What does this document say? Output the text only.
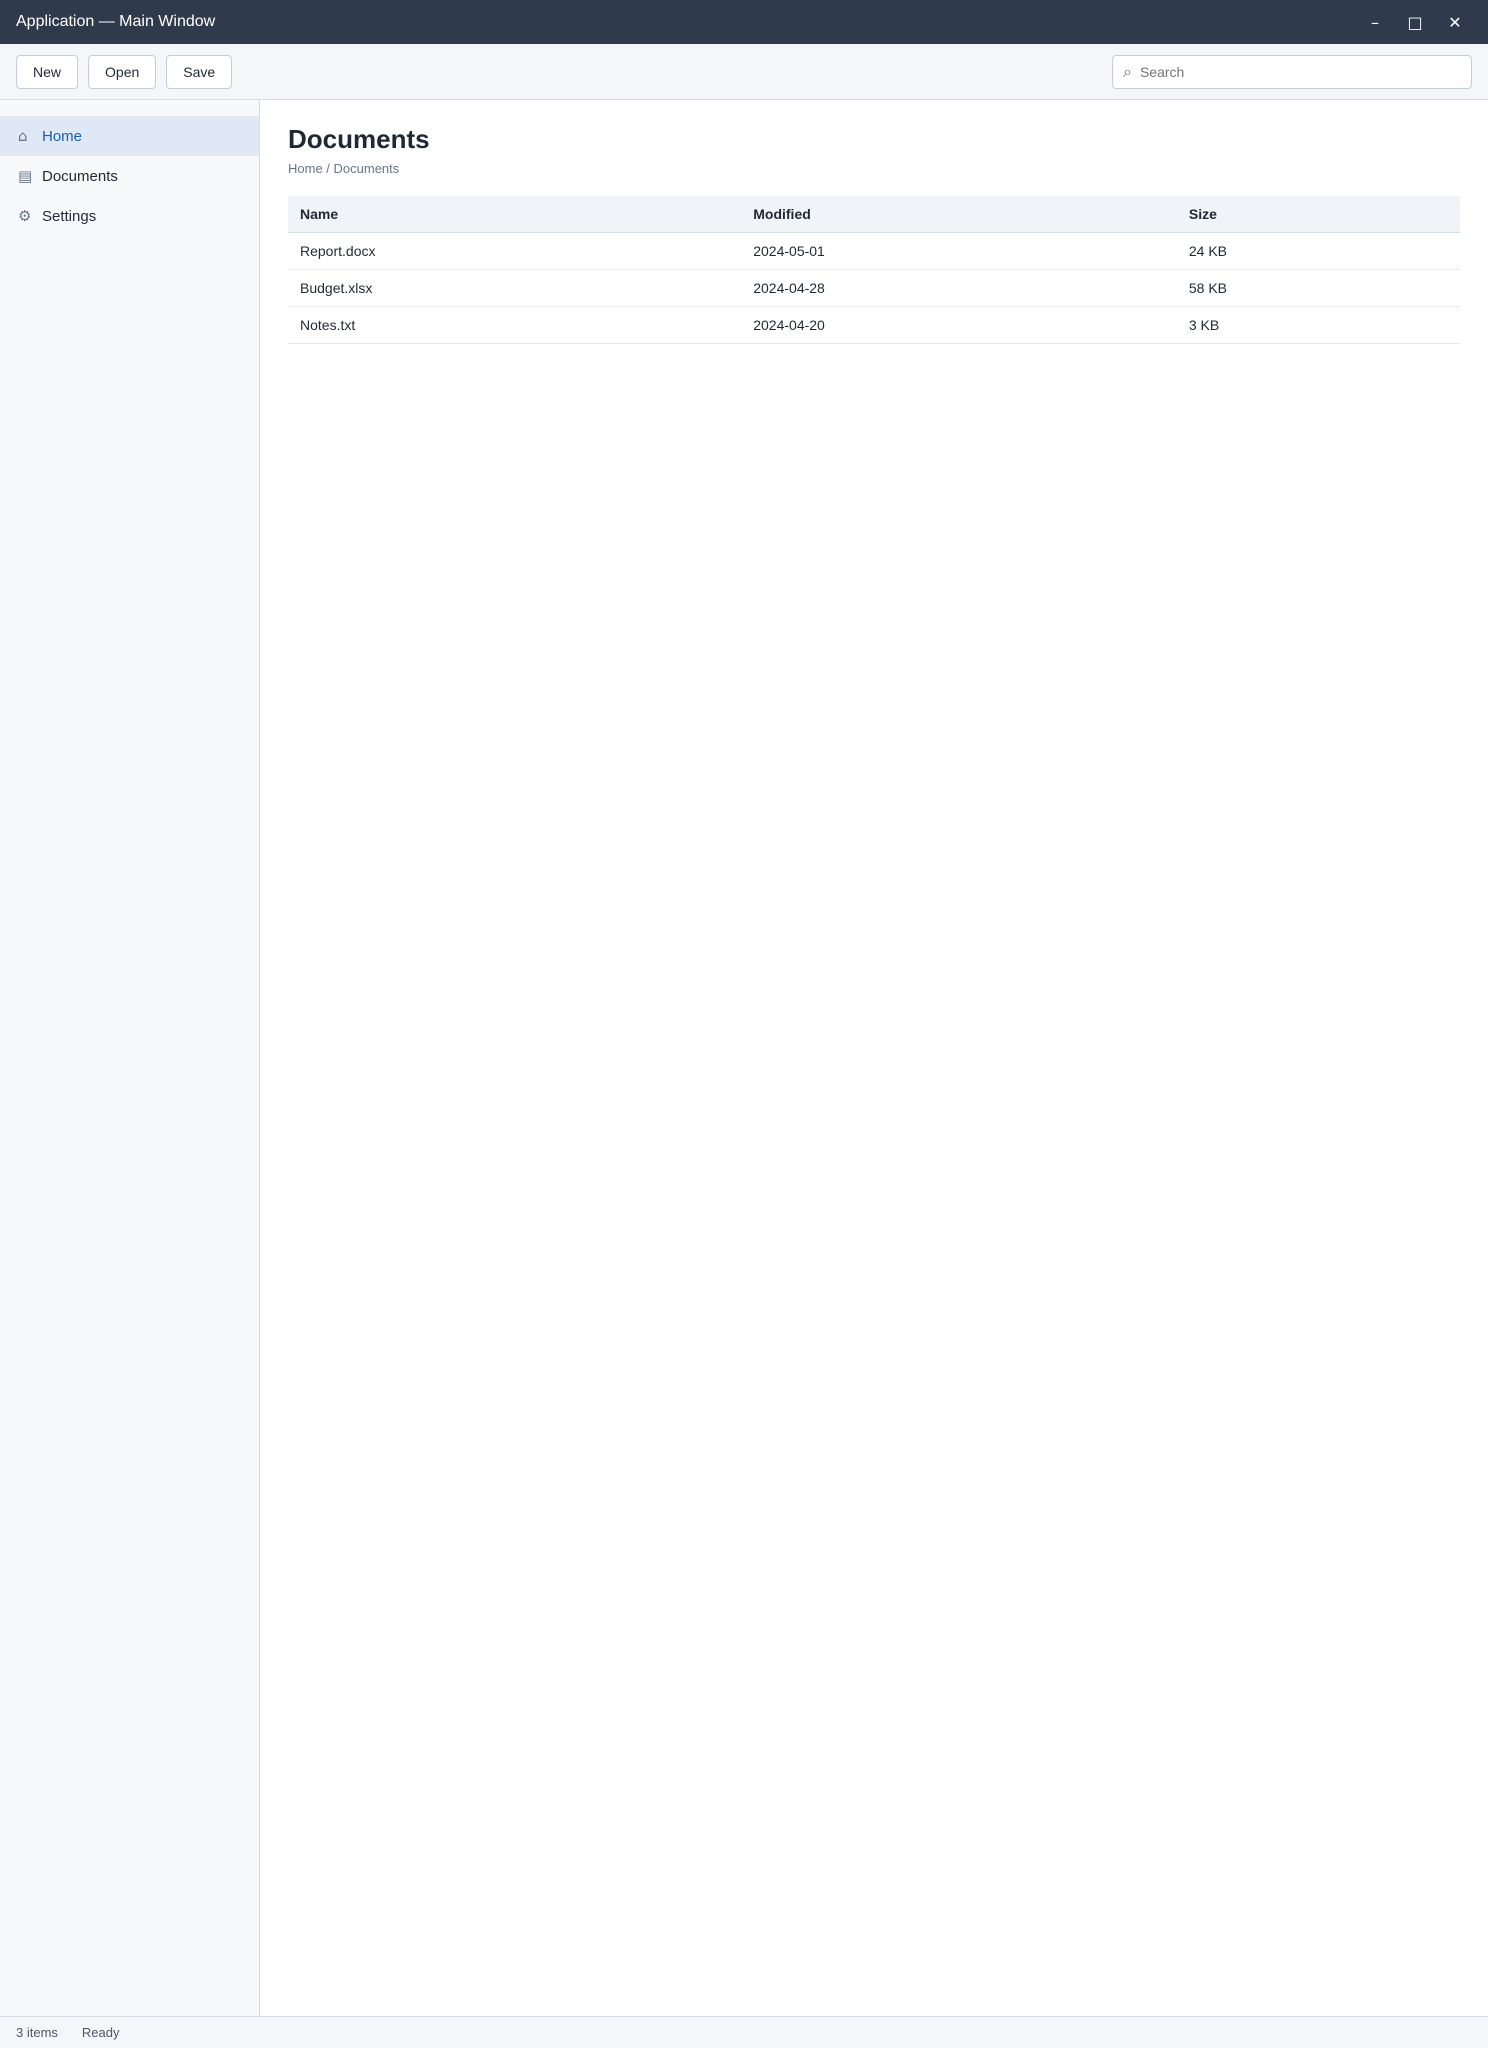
Application — Main Window	–	□	✕
New	Open	Save	⌕
Search
⌂ Home
▤ Documents
⚙ Settings
Documents
Home / Documents
Name	Modified	Size
Report.docx	2024-05-01	24 KB
Budget.xlsx	2024-04-28	58 KB
Notes.txt	2024-04-20	3 KB
3 items Ready
